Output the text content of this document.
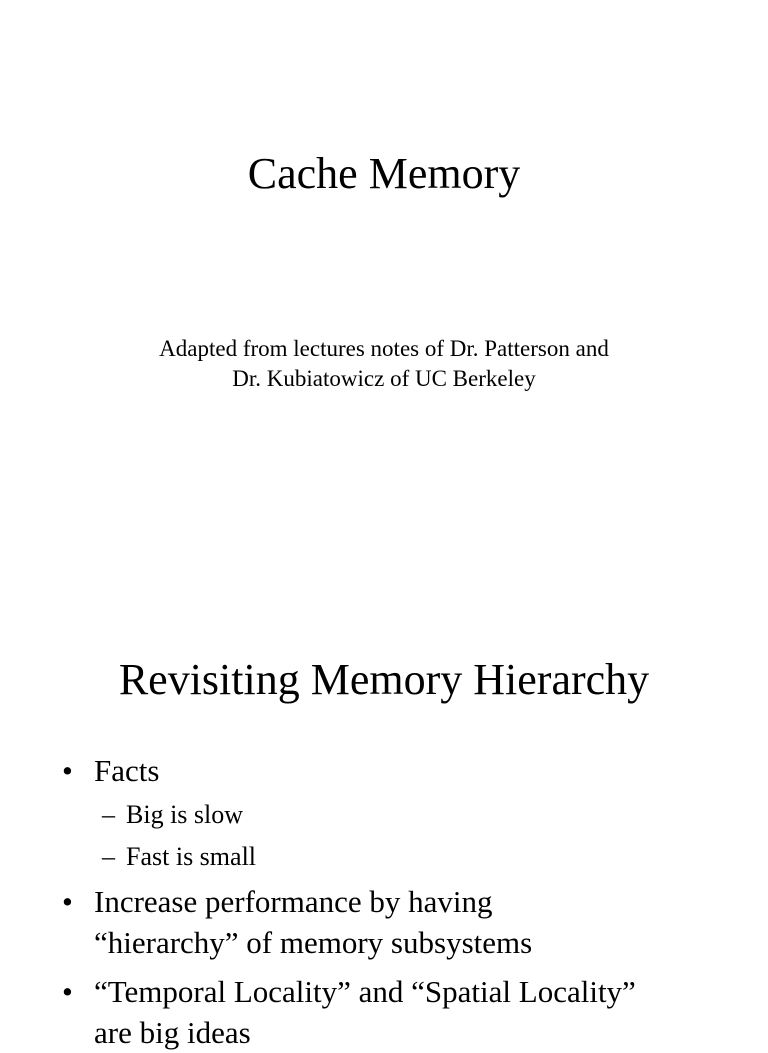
Cache Memory
Adapted from lectures notes of Dr. Patterson and
Dr. Kubiatowicz of UC Berkeley
Revisiting Memory Hierarchy
• Facts
– Big is slow
– Fast is small
• Increase performance by having
“hierarchy” of memory subsystems
• “Temporal Locality” and “Spatial Locality”
are big ideas
